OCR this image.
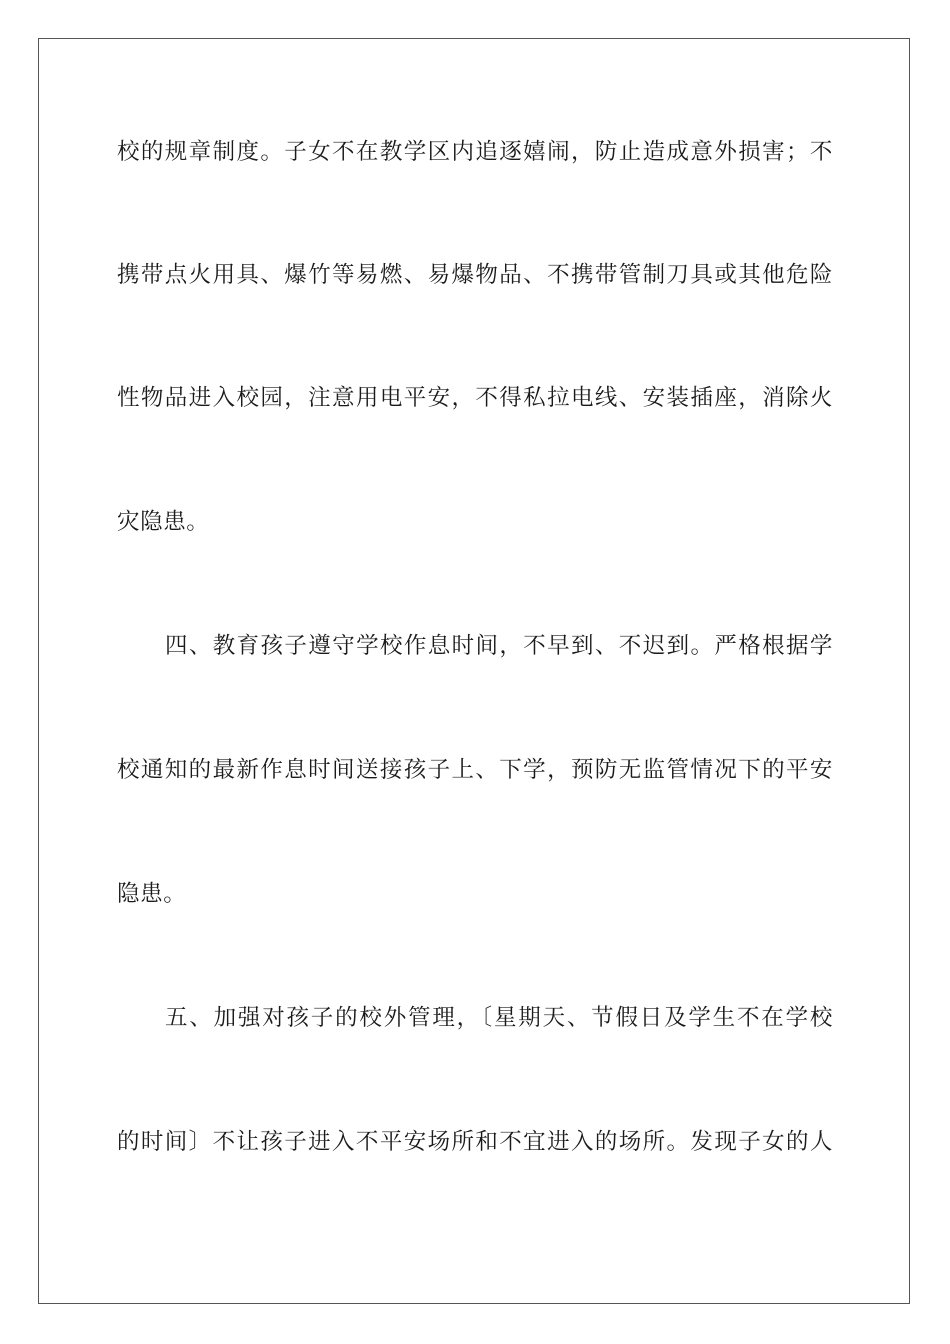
校的规章制度。子女不在教学区内追逐嬉闹，防止造成意外损害；不
携带点火用具、爆竹等易燃、易爆物品、不携带管制刀具或其他危险
性物品进入校园，注意用电平安，不得私拉电线、安装插座，消除火
灾隐患。
四、教育孩子遵守学校作息时间，不早到、不迟到。严格根据学
校通知的最新作息时间送接孩子上、下学，预防无监管情况下的平安
隐患。
五、加强对孩子的校外管理，〔星期天、节假日及学生不在学校
的时间〕不让孩子进入不平安场所和不宜进入的场所。发现子女的人
